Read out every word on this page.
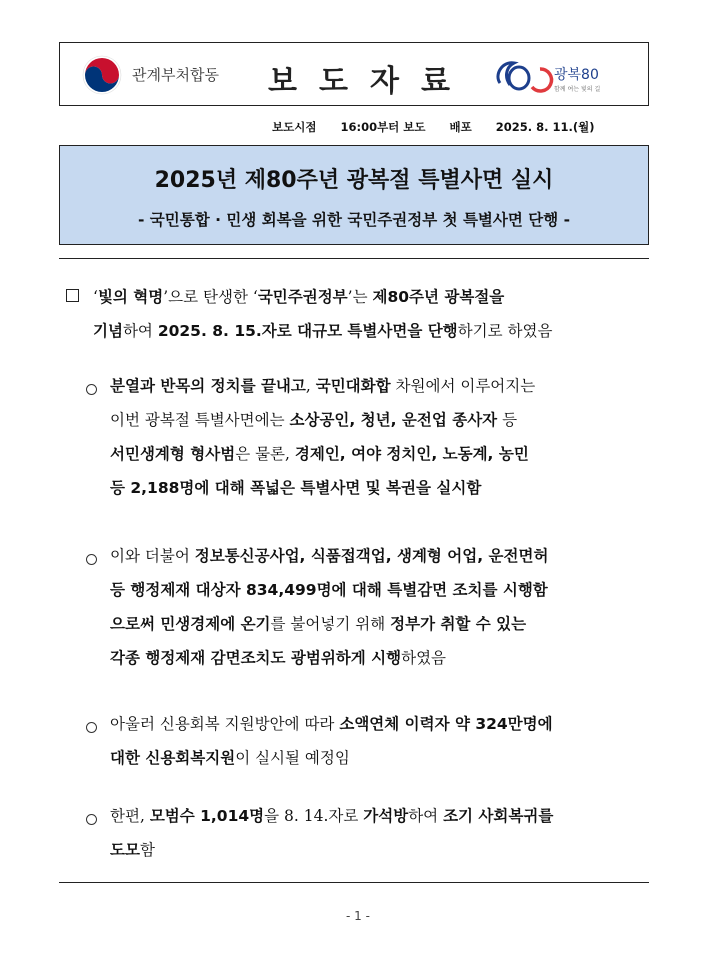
관계부처합동 보도자료	광복80
함께 여는 빛의 길
보도시점 16:00부터 보도 배포 2025. 8. 11.(월)
2025년 제80주년 광복절 특별사면 실시
- 국민통합 · 민생 회복을 위한 국민주권정부 첫 특별사면 단행 -
‘빛의 혁명’으로 탄생한 ‘국민주권정부’는 제80주년 광복절을
기념하여 2025. 8. 15.자로 대규모 특별사면을 단행하기로 하였음
분열과 반목의 정치를 끝내고, 국민대화합 차원에서 이루어지는
이번 광복절 특별사면에는 소상공인, 청년, 운전업 종사자 등
서민생계형 형사범은 물론, 경제인, 여야 정치인, 노동계, 농민
등 2,188명에 대해 폭넓은 특별사면 및 복권을 실시함
이와 더불어 정보통신공사업, 식품접객업, 생계형 어업, 운전면허
등 행정제재 대상자 834,499명에 대해 특별감면 조치를 시행함
으로써 민생경제에 온기를 불어넣기 위해 정부가 취할 수 있는
각종 행정제재 감면조치도 광범위하게 시행하였음
아울러 신용회복 지원방안에 따라 소액연체 이력자 약 324만명에
대한 신용회복지원이 실시될 예정임
한편, 모범수 1,014명을 8. 14.자로 가석방하여 조기 사회복귀를
도모함
- 1 -
